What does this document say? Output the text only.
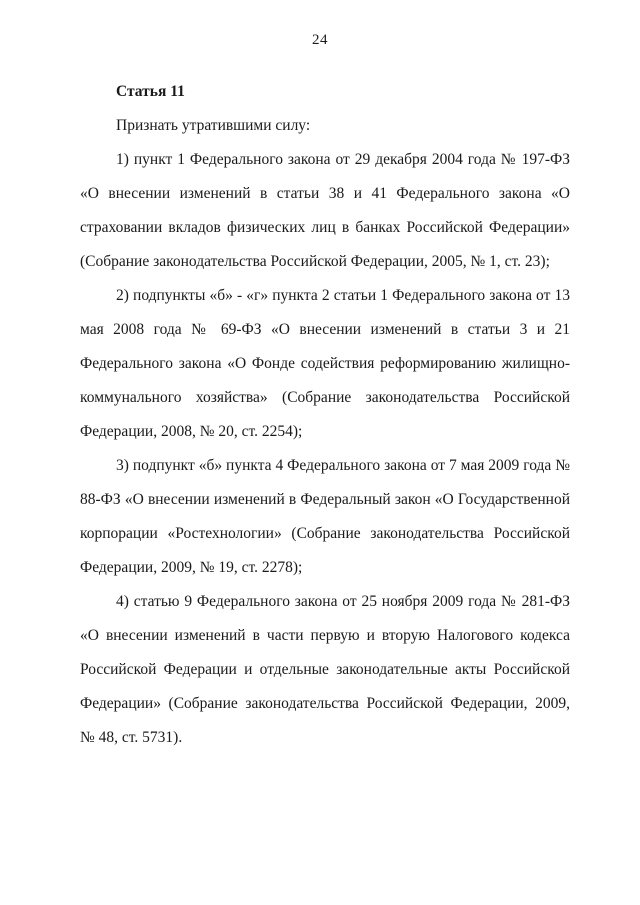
24

Статья 11

Признать утратившими силу:

1) пункт 1 Федерального закона от 29 декабря 2004 года № 197-ФЗ «О внесении изменений в статьи 38 и 41 Федерального закона «О страховании вкладов физических лиц в банках Российской Федерации» (Собрание законодательства Российской Федерации, 2005, № 1, ст. 23);

2) подпункты «б» - «г» пункта 2 статьи 1 Федерального закона от 13 мая 2008 года № 69-ФЗ «О внесении изменений в статьи 3 и 21 Федерального закона «О Фонде содействия реформированию жилищно-коммунального хозяйства» (Собрание законодательства Российской Федерации, 2008, № 20, ст. 2254);

3) подпункт «б» пункта 4 Федерального закона от 7 мая 2009 года № 88-ФЗ «О внесении изменений в Федеральный закон «О Государственной корпорации «Ростехнологии» (Собрание законодательства Российской Федерации, 2009, № 19, ст. 2278);

4) статью 9 Федерального закона от 25 ноября 2009 года № 281-ФЗ «О внесении изменений в части первую и вторую Налогового кодекса Российской Федерации и отдельные законодательные акты Российской Федерации» (Собрание законодательства Российской Федерации, 2009, № 48, ст. 5731).
